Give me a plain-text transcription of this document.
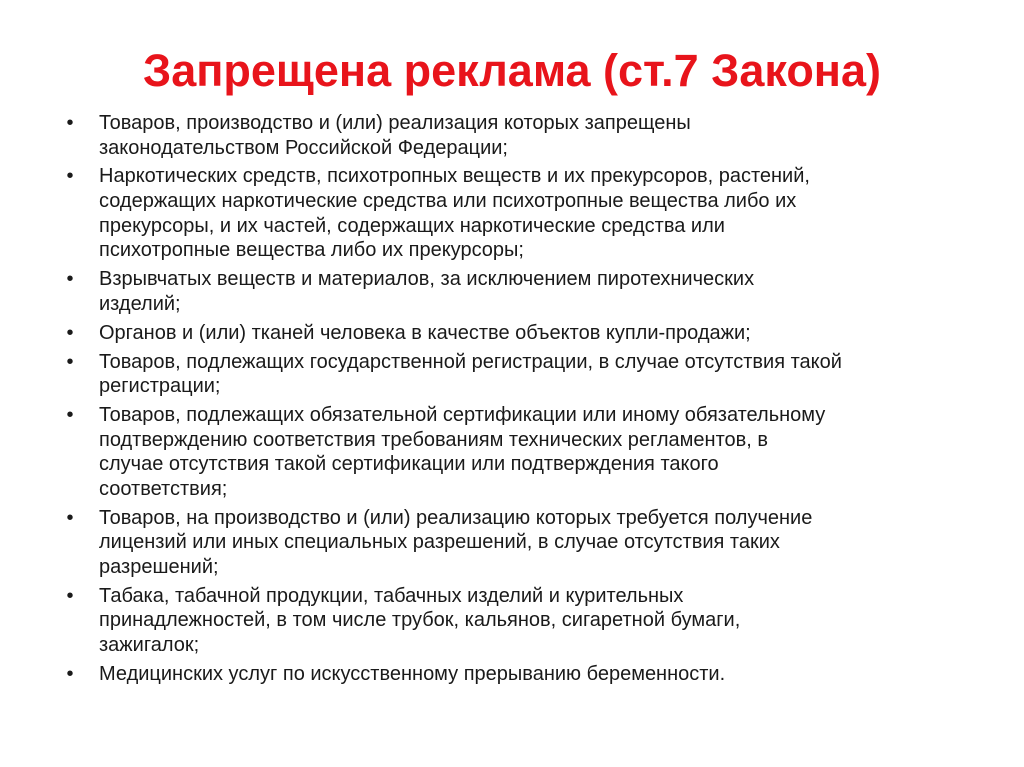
Запрещена реклама (ст.7 Закона)
• Товаров, производство и (или) реализация которых запрещены
законодательством Российской Федерации;
• Наркотических средств, психотропных веществ и их прекурсоров, растений,
содержащих наркотические средства или психотропные вещества либо их
прекурсоры, и их частей, содержащих наркотические средства или
психотропные вещества либо их прекурсоры;
• Взрывчатых веществ и материалов, за исключением пиротехнических
изделий;
• Органов и (или) тканей человека в качестве объектов купли-продажи;
• Товаров, подлежащих государственной регистрации, в случае отсутствия такой
регистрации;
• Товаров, подлежащих обязательной сертификации или иному обязательному
подтверждению соответствия требованиям технических регламентов, в
случае отсутствия такой сертификации или подтверждения такого
соответствия;
• Товаров, на производство и (или) реализацию которых требуется получение
лицензий или иных специальных разрешений, в случае отсутствия таких
разрешений;
• Табака, табачной продукции, табачных изделий и курительных
принадлежностей, в том числе трубок, кальянов, сигаретной бумаги,
зажигалок;
• Медицинских услуг по искусственному прерыванию беременности.
